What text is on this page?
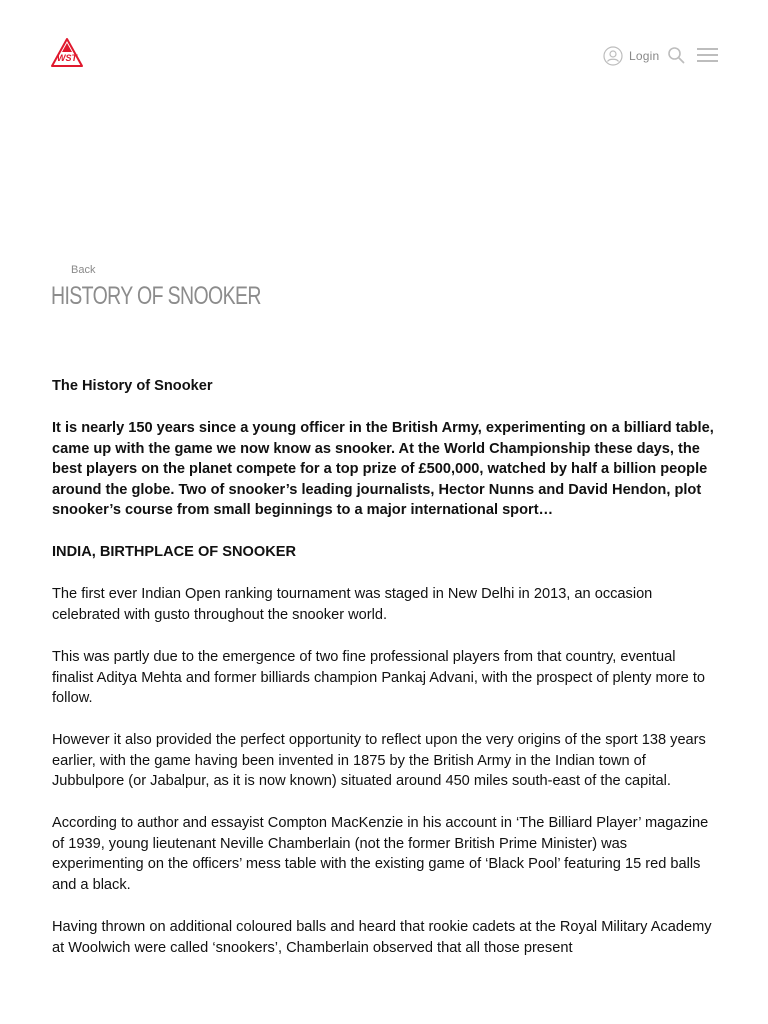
WST	Login
Back
HISTORY OF SNOOKER

The History of Snooker

It is nearly 150 years since a young officer in the British Army, experimenting on a billiard table, came up with the game we now know as snooker. At the World Championship these days, the best players on the planet compete for a top prize of £500,000, watched by half a billion people around the globe. Two of snooker’s leading journalists, Hector Nunns and David Hendon, plot snooker’s course from small beginnings to a major international sport…

INDIA, BIRTHPLACE OF SNOOKER

The first ever Indian Open ranking tournament was staged in New Delhi in 2013, an occasion celebrated with gusto throughout the snooker world.

This was partly due to the emergence of two fine professional players from that country, eventual finalist Aditya Mehta and former billiards champion Pankaj Advani, with the prospect of plenty more to follow.

However it also provided the perfect opportunity to reflect upon the very origins of the sport 138 years earlier, with the game having been invented in 1875 by the British Army in the Indian town of Jubbulpore (or Jabalpur, as it is now known) situated around 450 miles south-east of the capital.

According to author and essayist Compton MacKenzie in his account in ‘The Billiard Player’ magazine of 1939, young lieutenant Neville Chamberlain (not the former British Prime Minister) was experimenting on the officers’ mess table with the existing game of ‘Black Pool’ featuring 15 red balls and a black.

Having thrown on additional coloured balls and heard that rookie cadets at the Royal Military Academy at Woolwich were called ‘snookers’, Chamberlain observed that all those present
